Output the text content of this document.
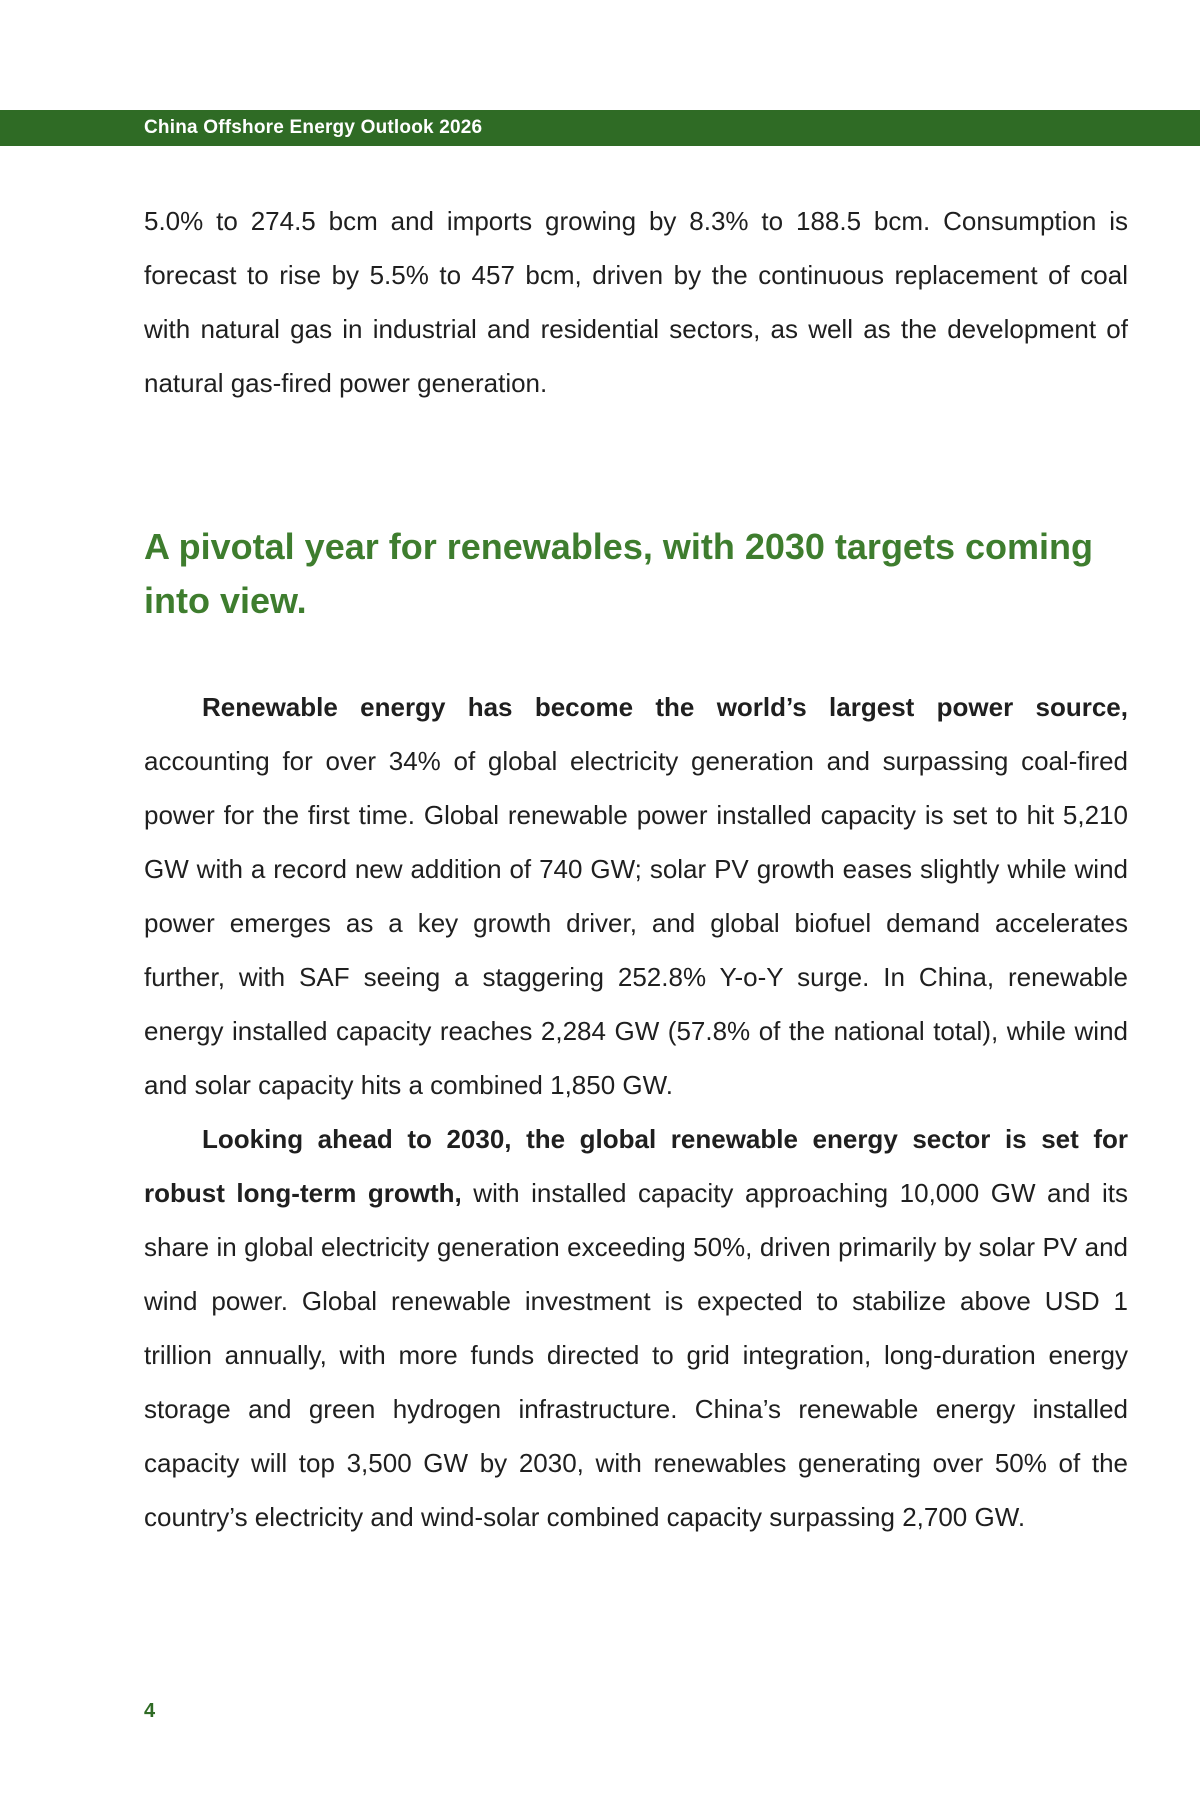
China Offshore Energy Outlook 2026

5.0% to 274.5 bcm and imports growing by 8.3% to 188.5 bcm. Consumption is forecast to rise by 5.5% to 457 bcm, driven by the continuous replacement of coal with natural gas in industrial and residential sectors, as well as the development of natural gas-fired power generation.

A pivotal year for renewables, with 2030 targets coming into view.

Renewable energy has become the world’s largest power source, accounting for over 34% of global electricity generation and surpassing coal-fired power for the first time. Global renewable power installed capacity is set to hit 5,210 GW with a record new addition of 740 GW; solar PV growth eases slightly while wind power emerges as a key growth driver, and global biofuel demand accelerates further, with SAF seeing a staggering 252.8% Y-o-Y surge. In China, renewable energy installed capacity reaches 2,284 GW (57.8% of the national total), while wind and solar capacity hits a combined 1,850 GW.

Looking ahead to 2030, the global renewable energy sector is set for robust long-term growth, with installed capacity approaching 10,000 GW and its share in global electricity generation exceeding 50%, driven primarily by solar PV and wind power. Global renewable investment is expected to stabilize above USD 1 trillion annually, with more funds directed to grid integration, long-duration energy storage and green hydrogen infrastructure. China’s renewable energy installed capacity will top 3,500 GW by 2030, with renewables generating over 50% of the country’s electricity and wind-solar combined capacity surpassing 2,700 GW.

4
